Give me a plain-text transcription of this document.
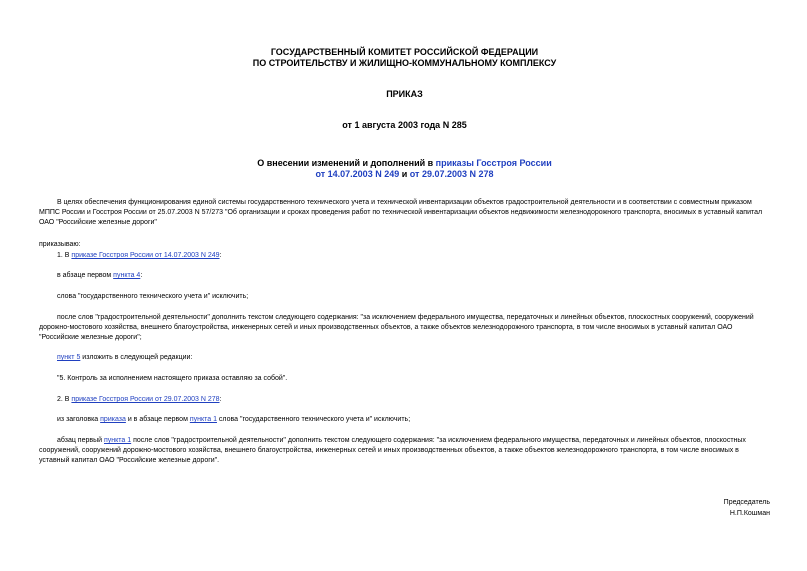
ГОСУДАРСТВЕННЫЙ КОМИТЕТ РОССИЙСКОЙ ФЕДЕРАЦИИ
ПО СТРОИТЕЛЬСТВУ И ЖИЛИЩНО-КОММУНАЛЬНОМУ КОМПЛЕКСУ
ПРИКАЗ
от 1 августа 2003 года N 285
О внесении изменений и дополнений в приказы Госстроя России
от 14.07.2003 N 249 и от 29.07.2003 N 278
В целях обеспечения функционирования единой системы государственного технического учета и технической инвентаризации объектов градостроительной деятельности и в соответствии с совместным приказом МППС России и Госстроя России от 25.07.2003 N 57/273 "Об организации и сроках проведения работ по технической инвентаризации объектов недвижимости железнодорожного транспорта, вносимых в уставный капитал ОАО "Российские железные дороги"
приказываю:
1. В приказе Госстроя России от 14.07.2003 N 249:
в абзаце первом пункта 4:
слова "государственного технического учета и" исключить;
после слов "градостроительной деятельности" дополнить текстом следующего содержания: "за исключением федерального имущества, передаточных и линейных объектов, плоскостных сооружений, сооружений дорожно-мостового хозяйства, внешнего благоустройства, инженерных сетей и иных производственных объектов, а также объектов железнодорожного транспорта, в том числе вносимых в уставный капитал ОАО "Российские железные дороги";
пункт 5 изложить в следующей редакции:
"5. Контроль за исполнением настоящего приказа оставляю за собой".
2. В приказе Госстроя России от 29.07.2003 N 278:
из заголовка приказа и в абзаце первом пункта 1 слова "государственного технического учета и" исключить;
абзац первый пункта 1 после слов "градостроительной деятельности" дополнить текстом следующего содержания: "за исключением федерального имущества, передаточных и линейных объектов, плоскостных сооружений, сооружений дорожно-мостового хозяйства, внешнего благоустройства, инженерных сетей и иных производственных объектов, а также объектов железнодорожного транспорта, в том числе вносимых в уставный капитал ОАО "Российские железные дороги".
Председатель
Н.П.Кошман
